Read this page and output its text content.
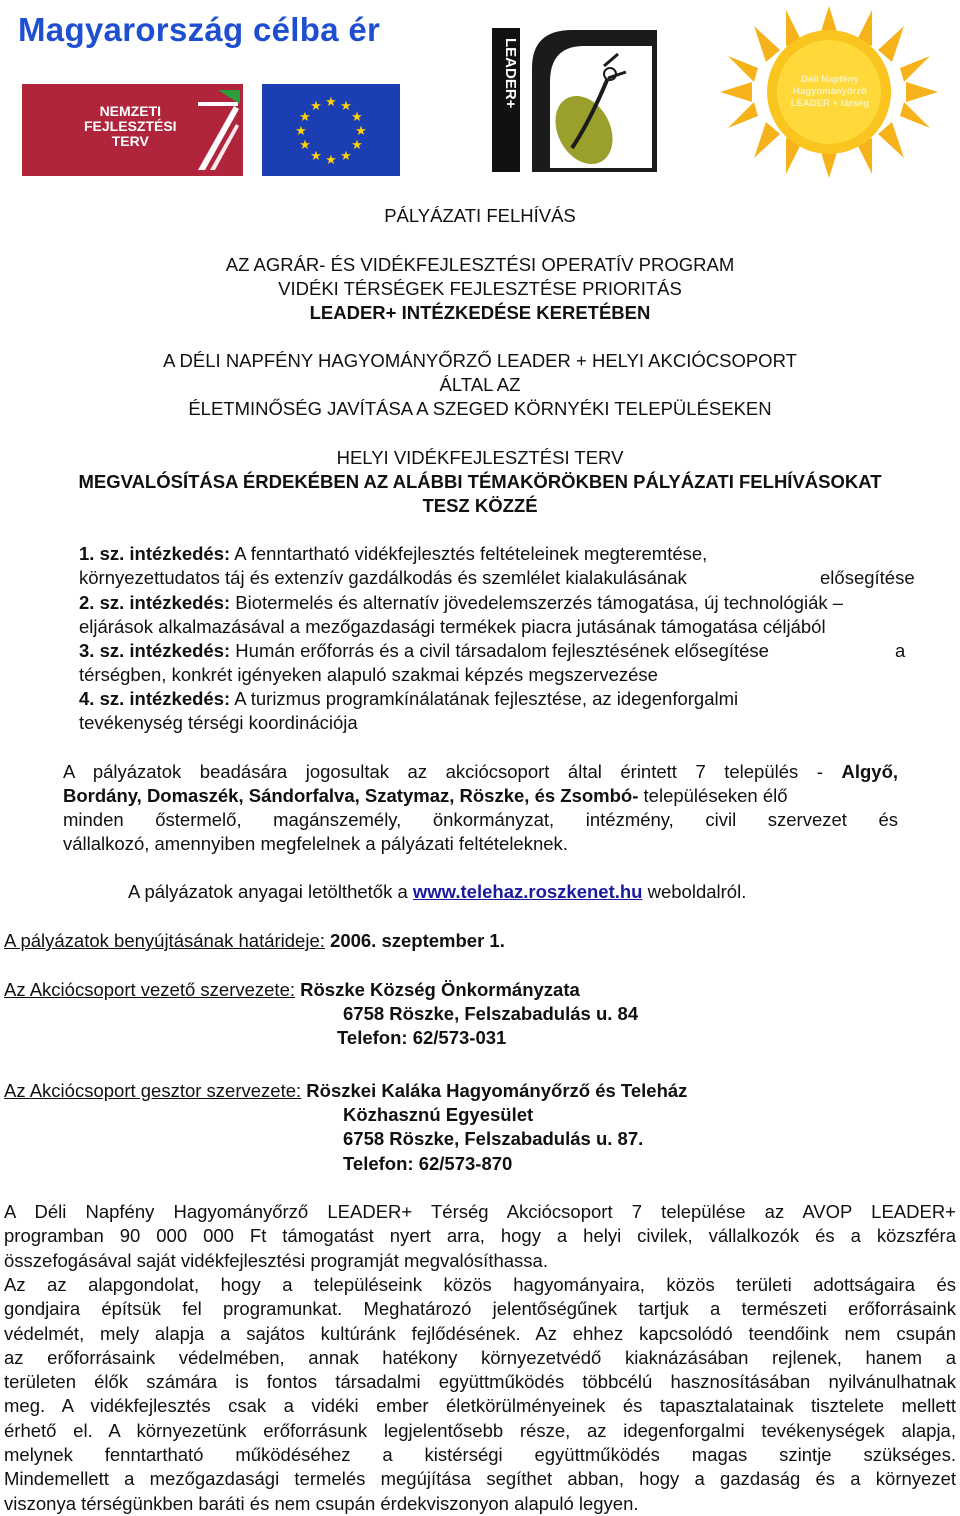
Magyarország célba ér
NEMZETI
FEJLESZTÉSI
TERV
★ ★
★
★
★
★
★
★
★
★
★
★	LEADER+	Déli Napfény
Hagyományőrző
LEADER + társég
PÁLYÁZATI FELHÍVÁS
AZ AGRÁR- ÉS VIDÉKFEJLESZTÉSI OPERATÍV PROGRAM
VIDÉKI TÉRSÉGEK FEJLESZTÉSE PRIORITÁS
LEADER+ INTÉZKEDÉSE KERETÉBEN
A DÉLI NAPFÉNY HAGYOMÁNYŐRZŐ LEADER + HELYI AKCIÓCSOPORT
ÁLTAL AZ
ÉLETMINŐSÉG JAVÍTÁSA A SZEGED KÖRNYÉKI TELEPÜLÉSEKEN
HELYI VIDÉKFEJLESZTÉSI TERV
MEGVALÓSÍTÁSA ÉRDEKÉBEN AZ ALÁBBI TÉMAKÖRÖKBEN PÁLYÁZATI FELHÍVÁSOKAT
TESZ KÖZZÉ
1. sz. intézkedés: A fenntartható vidékfejlesztés feltételeinek megteremtése,
környezettudatos táj és extenzív gazdálkodás és szemlélet kialakulásának	elősegítése
2. sz. intézkedés: Biotermelés és alternatív jövedelemszerzés támogatása, új technológiák –
eljárások alkalmazásával a mezőgazdasági termékek piacra jutásának támogatása céljából
3. sz. intézkedés: Humán erőforrás és a civil társadalom fejlesztésének elősegítése	a
térségben, konkrét igényeken alapuló szakmai képzés megszervezése
4. sz. intézkedés: A turizmus programkínálatának fejlesztése, az idegenforgalmi
tevékenység térségi koordinációja
A pályázatok beadására jogosultak az akciócsoport által érintett 7 település - Algyő,
Bordány, Domaszék, Sándorfalva, Szatymaz, Röszke, és Zsombó- településeken élő
minden őstermelő, magánszemély, önkormányzat, intézmény, civil szervezet és
vállalkozó, amennyiben megfelelnek a pályázati feltételeknek.
A pályázatok anyagai letölthetők a www.telehaz.roszkenet.hu weboldalról.
A pályázatok benyújtásának határideje: 2006. szeptember 1.
Az Akciócsoport vezető szervezete: Röszke Község Önkormányzata
6758 Röszke, Felszabadulás u. 84
Telefon: 62/573-031
Az Akciócsoport gesztor szervezete: Röszkei Kaláka Hagyományőrző és Teleház
Közhasznú Egyesület
6758 Röszke, Felszabadulás u. 87.
Telefon: 62/573-870
A Déli Napfény Hagyományőrző LEADER+ Térség Akciócsoport 7 települése az AVOP LEADER+
programban 90 000 000 Ft támogatást nyert arra, hogy a helyi civilek, vállalkozók és a közszféra
összefogásával saját vidékfejlesztési programját megvalósíthassa.
Az az alapgondolat, hogy a településeink közös hagyományaira, közös területi adottságaira és
gondjaira építsük fel programunkat. Meghatározó jelentőségűnek tartjuk a természeti erőforrásaink
védelmét, mely alapja a sajátos kultúránk fejlődésének. Az ehhez kapcsolódó teendőink nem csupán
az erőforrásaink védelmében, annak hatékony környezetvédő kiaknázásában rejlenek, hanem a
területen élők számára is fontos társadalmi együttműködés többcélú hasznosításában nyilvánulhatnak
meg. A vidékfejlesztés csak a vidéki ember életkörülményeinek és tapasztalatainak tisztelete mellett
érhető el. A környezetünk erőforrásunk legjelentősebb része, az idegenforgalmi tevékenységek alapja,
melynek fenntartható működéséhez a kistérségi együttműködés magas szintje szükséges.
Mindemellett a mezőgazdasági termelés megújítása segíthet abban, hogy a gazdaság és a környezet
viszonya térségünkben baráti és nem csupán érdekviszonyon alapuló legyen.
